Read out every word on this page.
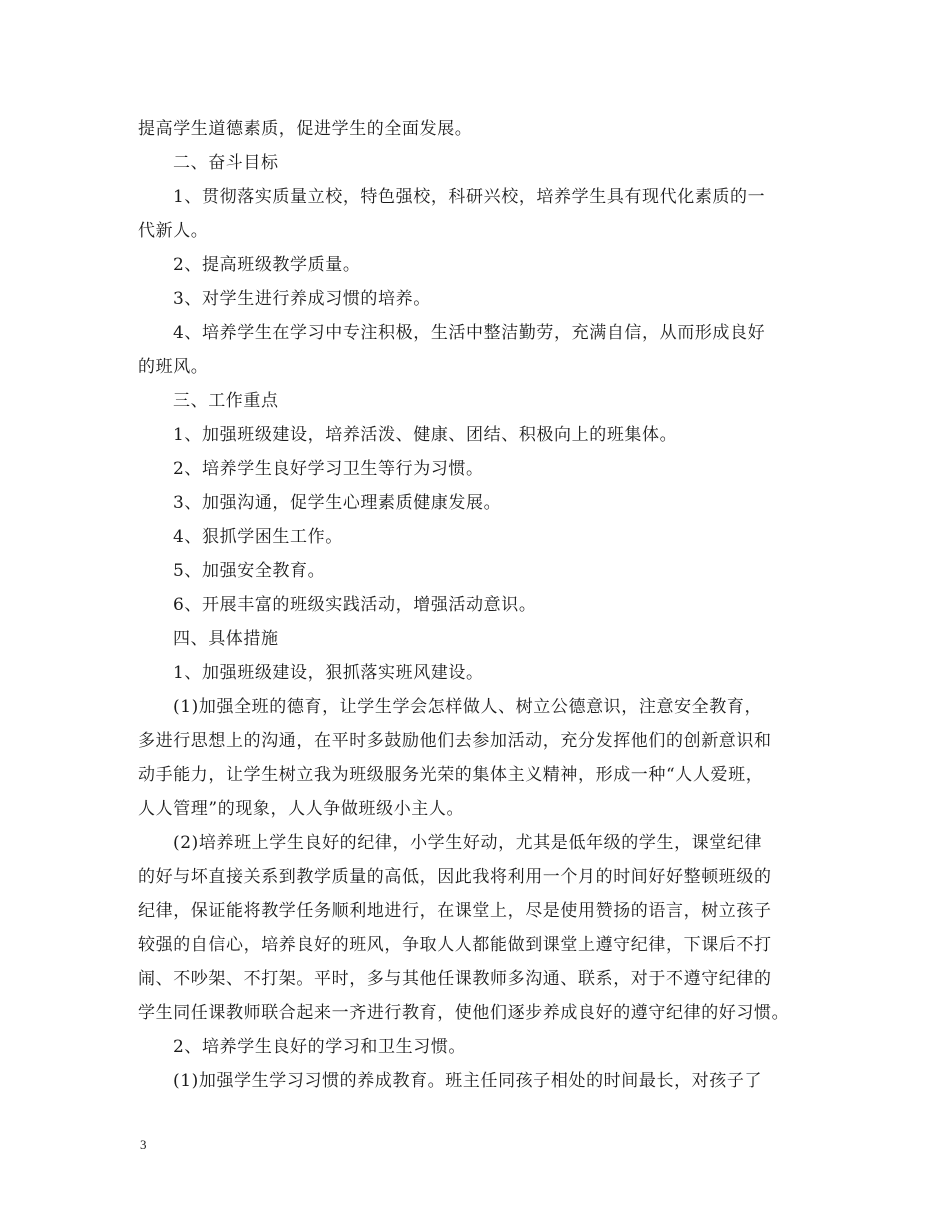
提高学生道德素质，促进学生的全面发展。
二、奋斗目标
1、贯彻落实质量立校，特色强校，科研兴校，培养学生具有现代化素质的一
代新人。
2、提高班级教学质量。
3、对学生进行养成习惯的培养。
4、培养学生在学习中专注积极，生活中整洁勤劳，充满自信，从而形成良好
的班风。
三、工作重点
1、加强班级建设，培养活泼、健康、团结、积极向上的班集体。
2、培养学生良好学习卫生等行为习惯。
3、加强沟通，促学生心理素质健康发展。
4、狠抓学困生工作。
5、加强安全教育。
6、开展丰富的班级实践活动，增强活动意识。
四、具体措施
1、加强班级建设，狠抓落实班风建设。
(1)加强全班的德育，让学生学会怎样做人、树立公德意识，注意安全教育，
多进行思想上的沟通，在平时多鼓励他们去参加活动，充分发挥他们的创新意识和
动手能力，让学生树立我为班级服务光荣的集体主义精神，形成一种“人人爱班，
人人管理”的现象，人人争做班级小主人。
(2)培养班上学生良好的纪律，小学生好动，尤其是低年级的学生，课堂纪律
的好与坏直接关系到教学质量的高低，因此我将利用一个月的时间好好整顿班级的
纪律，保证能将教学任务顺利地进行，在课堂上，尽是使用赞扬的语言，树立孩子
较强的自信心，培养良好的班风，争取人人都能做到课堂上遵守纪律，下课后不打
闹、不吵架、不打架。平时，多与其他任课教师多沟通、联系，对于不遵守纪律的
学生同任课教师联合起来一齐进行教育，使他们逐步养成良好的遵守纪律的好习惯。
2、培养学生良好的学习和卫生习惯。
(1)加强学生学习习惯的养成教育。班主任同孩子相处的时间最长，对孩子了
3
